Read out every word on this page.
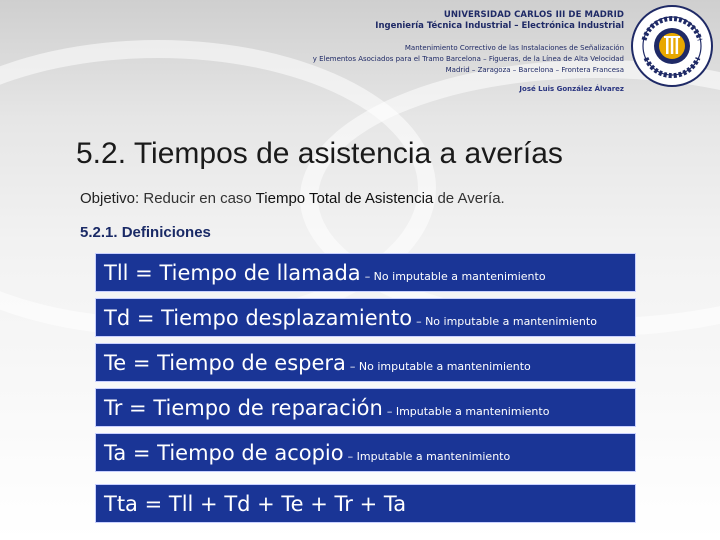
UNIVERSIDAD CARLOS III DE MADRID
Ingeniería Técnica Industrial – Electrónica Industrial
Mantenimiento Correctivo de las Instalaciones de Señalización
y Elementos Asociados para el Tramo Barcelona – Figueras, de la Línea de Alta Velocidad
Madrid – Zaragoza – Barcelona – Frontera Francesa
José Luis González Álvarez
5.2. Tiempos de asistencia a averías
Objetivo: Reducir en caso Tiempo Total de Asistencia de Avería.
5.2.1. Definiciones
Tll = Tiempo de llamada – No imputable a mantenimiento
Td = Tiempo desplazamiento – No imputable a mantenimiento
Te = Tiempo de espera – No imputable a mantenimiento
Tr = Tiempo de reparación – Imputable a mantenimiento
Ta = Tiempo de acopio – Imputable a mantenimiento
Tta = Tll + Td + Te + Tr + Ta
